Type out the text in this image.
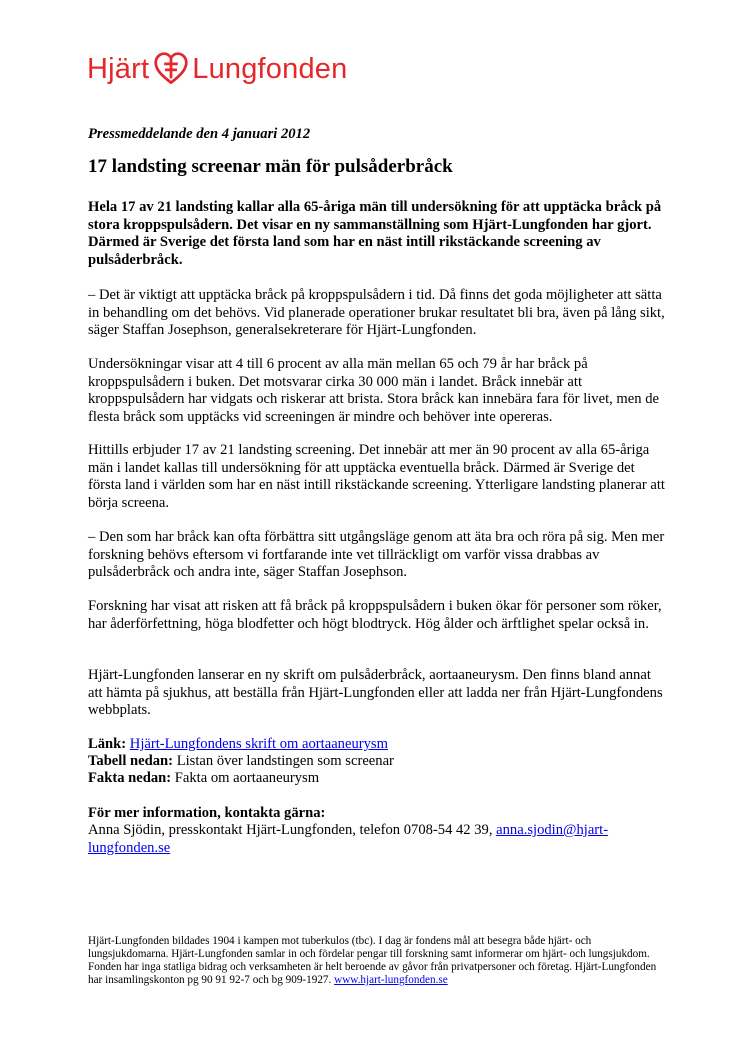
Hjärt Lungfonden
Pressmeddelande den 4 januari 2012
17 landsting screenar män för pulsåderbråck

Hela 17 av 21 landsting kallar alla 65-åriga män till undersökning för att upptäcka bråck på stora kroppspulsådern. Det visar en ny sammanställning som Hjärt-Lungfonden har gjort. Därmed är Sverige det första land som har en näst intill rikstäckande screening av pulsåderbråck.

– Det är viktigt att upptäcka bråck på kroppspulsådern i tid. Då finns det goda möjligheter att sätta in behandling om det behövs. Vid planerade operationer brukar resultatet bli bra, även på lång sikt, säger Staffan Josephson, generalsekreterare för Hjärt-Lungfonden.

Undersökningar visar att 4 till 6 procent av alla män mellan 65 och 79 år har bråck på kroppspulsådern i buken. Det motsvarar cirka 30 000 män i landet. Bråck innebär att kroppspulsådern har vidgats och riskerar att brista. Stora bråck kan innebära fara för livet, men de flesta bråck som upptäcks vid screeningen är mindre och behöver inte opereras.

Hittills erbjuder 17 av 21 landsting screening. Det innebär att mer än 90 procent av alla 65-åriga män i landet kallas till undersökning för att upptäcka eventuella bråck. Därmed är Sverige det första land i världen som har en näst intill rikstäckande screening. Ytterligare landsting planerar att börja screena.

– Den som har bråck kan ofta förbättra sitt utgångsläge genom att äta bra och röra på sig. Men mer forskning behövs eftersom vi fortfarande inte vet tillräckligt om varför vissa drabbas av pulsåderbråck och andra inte, säger Staffan Josephson.

Forskning har visat att risken att få bråck på kroppspulsådern i buken ökar för personer som röker, har åderförfettning, höga blodfetter och högt blodtryck. Hög ålder och ärftlighet spelar också in.

Hjärt-Lungfonden lanserar en ny skrift om pulsåderbråck, aortaaneurysm. Den finns bland annat att hämta på sjukhus, att beställa från Hjärt-Lungfonden eller att ladda ner från Hjärt-Lungfondens webbplats.

Länk: Hjärt-Lungfondens skrift om aortaaneurysm

Tabell nedan: Listan över landstingen som screenar

Fakta nedan: Fakta om aortaaneurysm

För mer information, kontakta gärna:

Anna Sjödin, presskontakt Hjärt-Lungfonden, telefon 0708-54 42 39, anna.sjodin@hjart-lungfonden.se

Hjärt-Lungfonden bildades 1904 i kampen mot tuberkulos (tbc). I dag är fondens mål att besegra både hjärt- och lungsjukdomarna. Hjärt-Lungfonden samlar in och fördelar pengar till forskning samt informerar om hjärt- och lungsjukdom. Fonden har inga statliga bidrag och verksamheten är helt beroende av gåvor från privatpersoner och företag. Hjärt-Lungfonden har insamlingskonton pg 90 91 92-7 och bg 909-1927. www.hjart-lungfonden.se
